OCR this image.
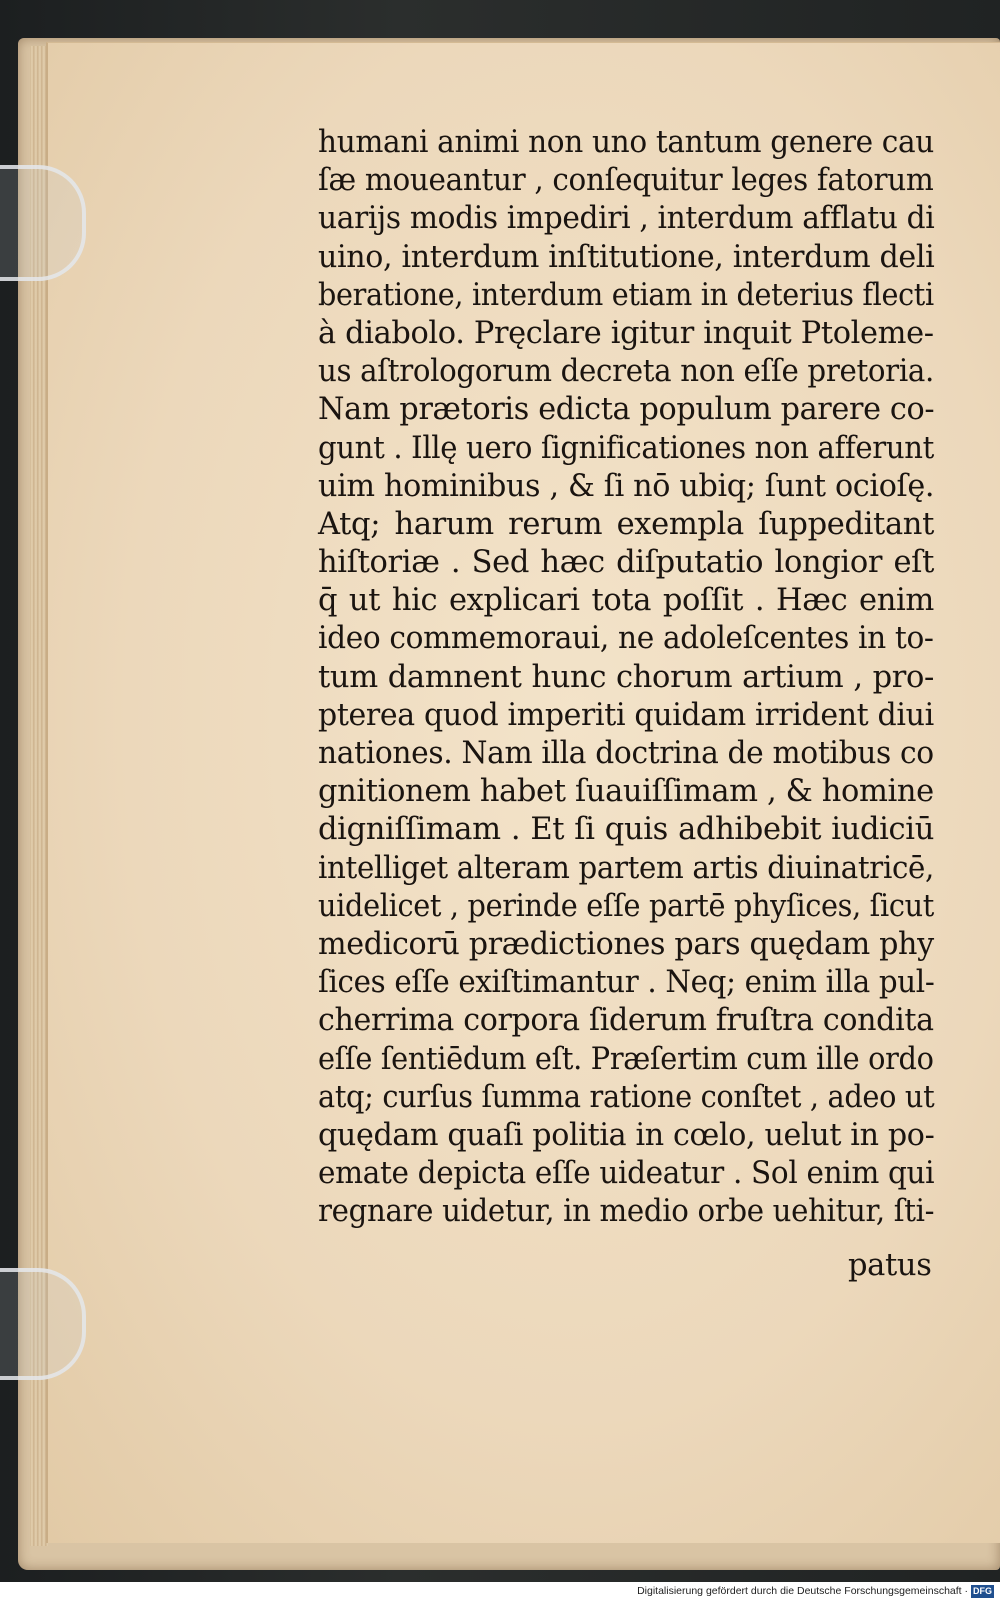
humani animi non uno tantum genere cau
ſæ moueantur , conſequitur leges fatorum
uarijs modis impediri , interdum afflatu di
uino, interdum inſtitutione, interdum deli
beratione, interdum etiam in deterius flecti
à diabolo. Pręclare igitur inquit Ptoleme-
us aſtrologorum decreta non eſſe pretoria.
Nam prætoris edicta populum parere co-
gunt . Illę uero ſignificationes non afferunt
uim hominibus , & ſi nō ubiq; ſunt ocioſę.
Atq; harum rerum exempla ſuppeditant
hiſtoriæ . Sed hæc diſputatio longior eſt
q̄ ut hic explicari tota poſſit . Hæc enim
ideo commemoraui, ne adoleſcentes in to-
tum damnent hunc chorum artium , pro-
pterea quod imperiti quidam irrident diui
nationes. Nam illa doctrina de motibus co
gnitionem habet ſuauiſſimam , & homine
digniſſimam . Et ſi quis adhibebit iudiciū
intelliget alteram partem artis diuinatricē,
uidelicet , perinde eſſe partē phyſices, ſicut
medicorū prædictiones pars quędam phy
ſices eſſe exiſtimantur . Neq; enim illa pul-
cherrima corpora ſiderum fruſtra condita
eſſe ſentiēdum eſt. Præſertim cum ille ordo
atq; curſus ſumma ratione conſtet , adeo ut
quędam quaſi politia in cœlo, uelut in po-
emate depicta eſſe uideatur . Sol enim qui
regnare uidetur, in medio orbe uehitur, ſti-
patus
Digitalisierung gefördert durch die Deutsche Forschungsgemeinschaft · DFG
